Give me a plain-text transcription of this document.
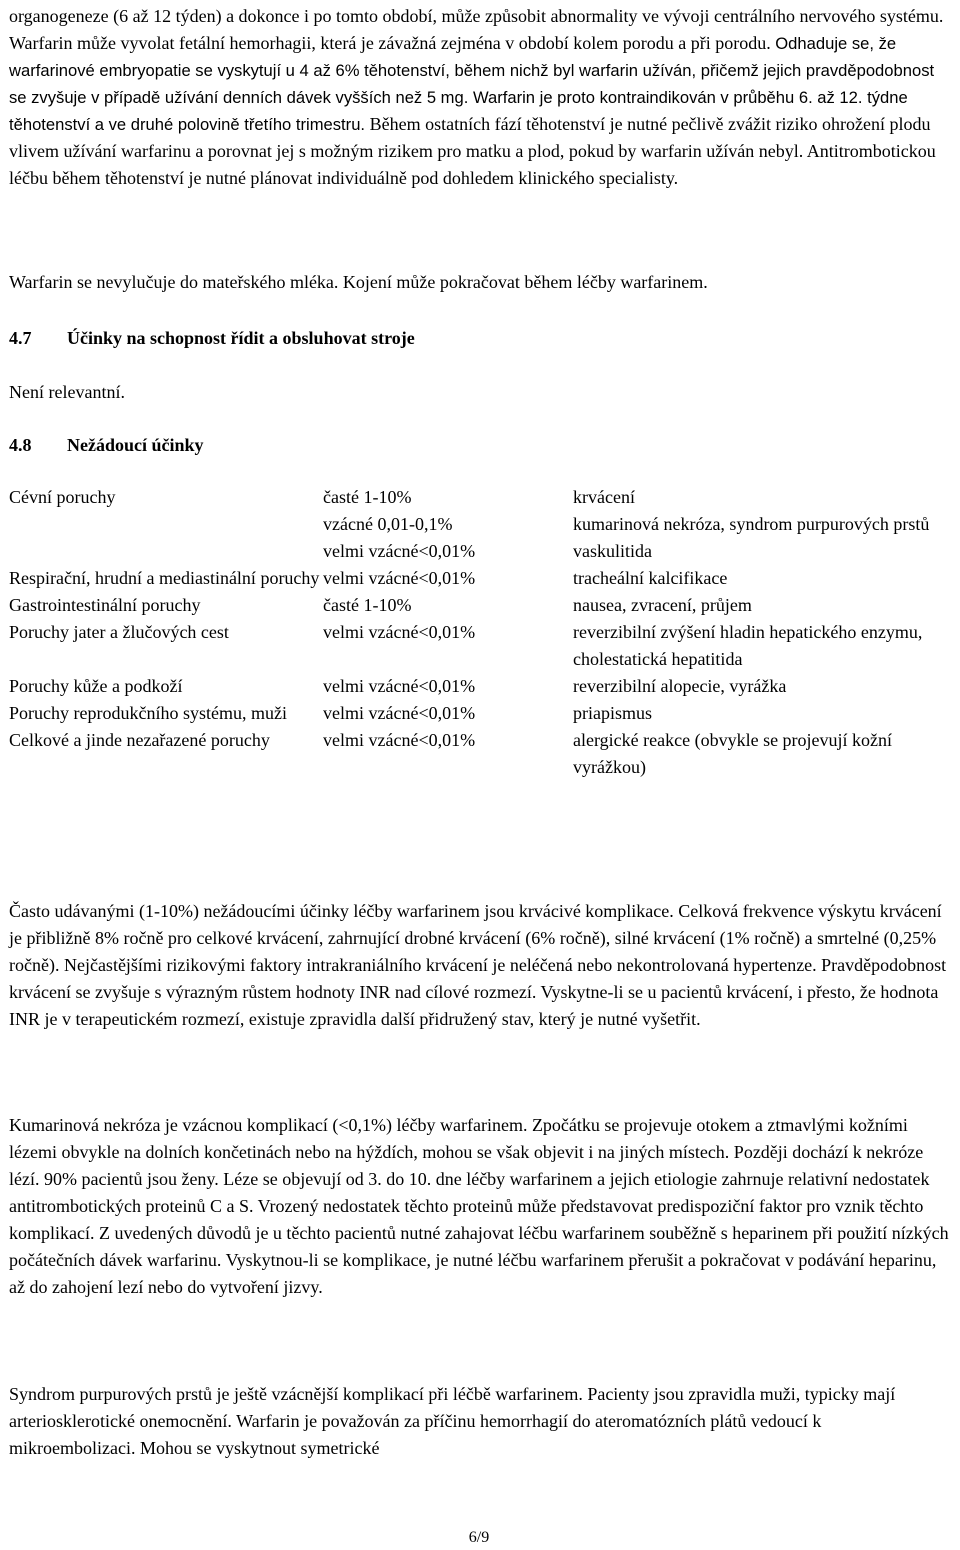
organogeneze (6 až 12 týden) a dokonce i po tomto období, může způsobit abnormality ve vývoji centrálního nervového systému. Warfarin může vyvolat fetální hemorhagii, která je závažná zejména v období kolem porodu a při porodu. Odhaduje se, že warfarinové embryopatie se vyskytují u 4 až 6% těhotenství, během nichž byl warfarin užíván, přičemž jejich pravděpodobnost se zvyšuje v případě užívání denních dávek vyšších než 5 mg. Warfarin je proto kontraindikován v průběhu 6. až 12. týdne těhotenství a ve druhé polovině třetího trimestru. Během ostatních fází těhotenství je nutné pečlivě zvážit riziko ohrožení plodu vlivem užívání warfarinu a porovnat jej s možným rizikem pro matku a plod, pokud by warfarin užíván nebyl. Antitrombotickou léčbu během těhotenství je nutné plánovat individuálně pod dohledem klinického specialisty.

Warfarin se nevylučuje do mateřského mléka. Kojení může pokračovat během léčby warfarinem.

4.7 Účinky na schopnost řídit a obsluhovat stroje

Není relevantní.

4.8 Nežádoucí účinky
Cévní poruchy	časté 1-10%	krvácení
	vzácné 0,01-0,1%	kumarinová nekróza, syndrom purpurových prstů
	velmi vzácné<0,01%	vaskulitida
Respirační, hrudní a mediastinální poruchy	velmi vzácné<0,01%	tracheální kalcifikace
Gastrointestinální poruchy	časté 1-10%	nausea, zvracení, průjem
Poruchy jater a žlučových cest	velmi vzácné<0,01%	reverzibilní zvýšení hladin hepatického enzymu, cholestatická hepatitida
Poruchy kůže a podkoží	velmi vzácné<0,01%	reverzibilní alopecie, vyrážka
Poruchy reprodukčního systému, muži	velmi vzácné<0,01%	priapismus
Celkové a jinde nezařazené poruchy	velmi vzácné<0,01%	alergické reakce (obvykle se projevují kožní vyrážkou)

Často udávanými (1-10%) nežádoucími účinky léčby warfarinem jsou krvácivé komplikace. Celková frekvence výskytu krvácení je přibližně 8% ročně pro celkové krvácení, zahrnující drobné krvácení (6% ročně), silné krvácení (1% ročně) a smrtelné (0,25% ročně). Nejčastějšími rizikovými faktory intrakraniálního krvácení je neléčená nebo nekontrolovaná hypertenze. Pravděpodobnost krvácení se zvyšuje s výrazným růstem hodnoty INR nad cílové rozmezí. Vyskytne-li se u pacientů krvácení, i přesto, že hodnota INR je v terapeutickém rozmezí, existuje zpravidla další přidružený stav, který je nutné vyšetřit.

Kumarinová nekróza je vzácnou komplikací (<0,1%) léčby warfarinem. Zpočátku se projevuje otokem a ztmavlými kožními lézemi obvykle na dolních končetinách nebo na hýždích, mohou se však objevit i na jiných místech. Později dochází k nekróze lézí. 90% pacientů jsou ženy. Léze se objevují od 3. do 10. dne léčby warfarinem a jejich etiologie zahrnuje relativní nedostatek antitrombotických proteinů C a S. Vrozený nedostatek těchto proteinů může představovat predispoziční faktor pro vznik těchto komplikací. Z uvedených důvodů je u těchto pacientů nutné zahajovat léčbu warfarinem souběžně s heparinem při použití nízkých počátečních dávek warfarinu. Vyskytnou-li se komplikace, je nutné léčbu warfarinem přerušit a pokračovat v podávání heparinu, až do zahojení lezí nebo do vytvoření jizvy.

Syndrom purpurových prstů je ještě vzácnější komplikací při léčbě warfarinem. Pacienty jsou zpravidla muži, typicky mají arteriosklerotické onemocnění. Warfarin je považován za příčinu hemorrhagií do ateromatózních plátů vedoucí k mikroembolizaci. Mohou se vyskytnout symetrické

6/9
